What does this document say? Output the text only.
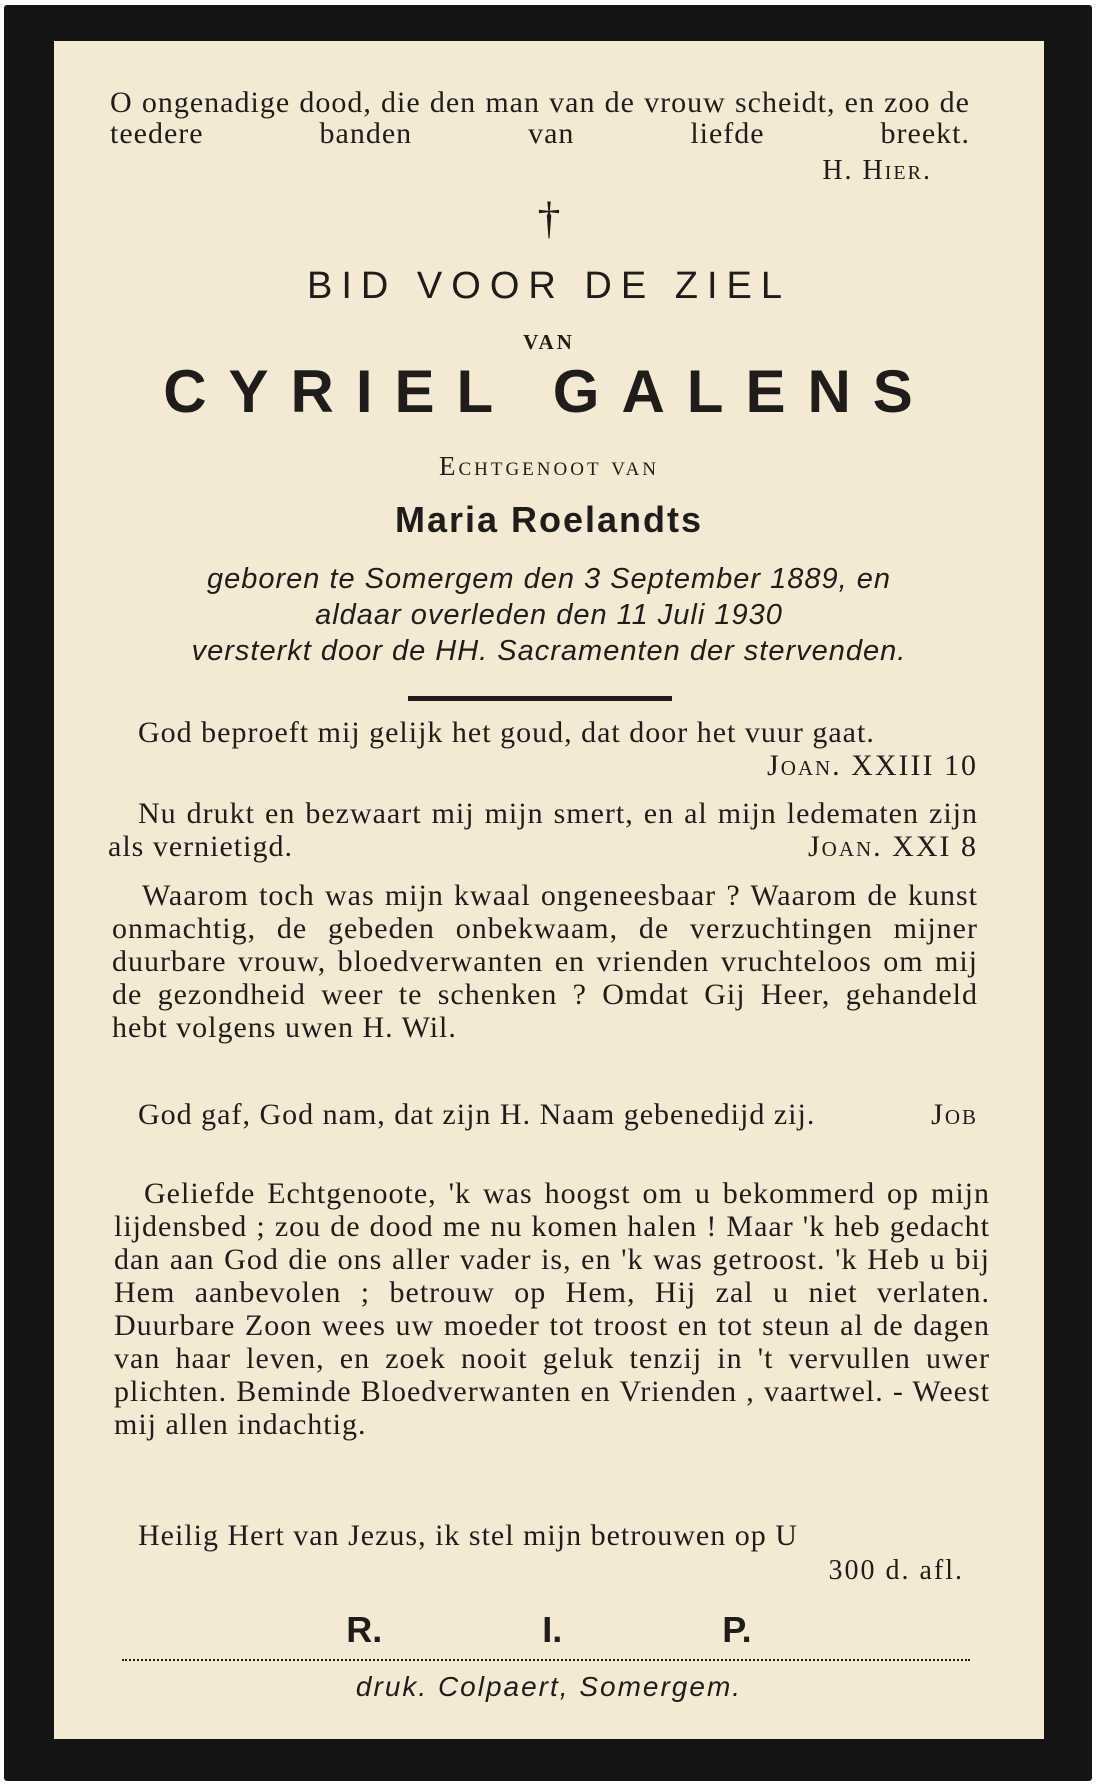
O ongenadige dood, die den man van de vrouw scheidt, en zoo de teedere banden van liefde breekt.
H. Hier.
†
BID VOOR DE ZIEL
VAN
CYRIEL GALENS
Echtgenoot van
Maria Roelandts
geboren te Somergem den 3 September 1889, en
aldaar overleden den 11 Juli 1930
versterkt door de HH. Sacramenten der stervenden.
God beproeft mij gelijk het goud, dat door het vuur gaat.
Joan. XXIII 10
Nu drukt en bezwaart mij mijn smert, en al mijn ledematen zijn als vernietigd.	Joan. XXI 8
Waarom toch was mijn kwaal ongeneesbaar ? Waarom de kunst onmachtig, de gebeden onbekwaam, de verzuchtingen mijner duurbare vrouw, bloedverwanten en vrienden vruchteloos om mij de gezondheid weer te schenken ? Omdat Gij Heer, gehandeld hebt volgens uwen H. Wil.
God gaf, God nam, dat zijn H. Naam gebenedijd zij.	Job
Geliefde Echtgenoote, 'k was hoogst om u bekommerd op mijn lijdensbed ; zou de dood me nu komen halen ! Maar 'k heb gedacht dan aan God die ons aller vader is, en 'k was getroost. 'k Heb u bij Hem aanbevolen ; betrouw op Hem, Hij zal u niet verlaten. Duurbare Zoon wees uw moeder tot troost en tot steun al de dagen van haar leven, en zoek nooit geluk tenzij in 't vervullen uwer plichten. Beminde Bloedverwanten en Vrienden , vaartwel. - Weest mij allen indachtig.
Heilig Hert van Jezus, ik stel mijn betrouwen op U
300 d. afl.
R. I. P.
druk. Colpaert, Somergem.
